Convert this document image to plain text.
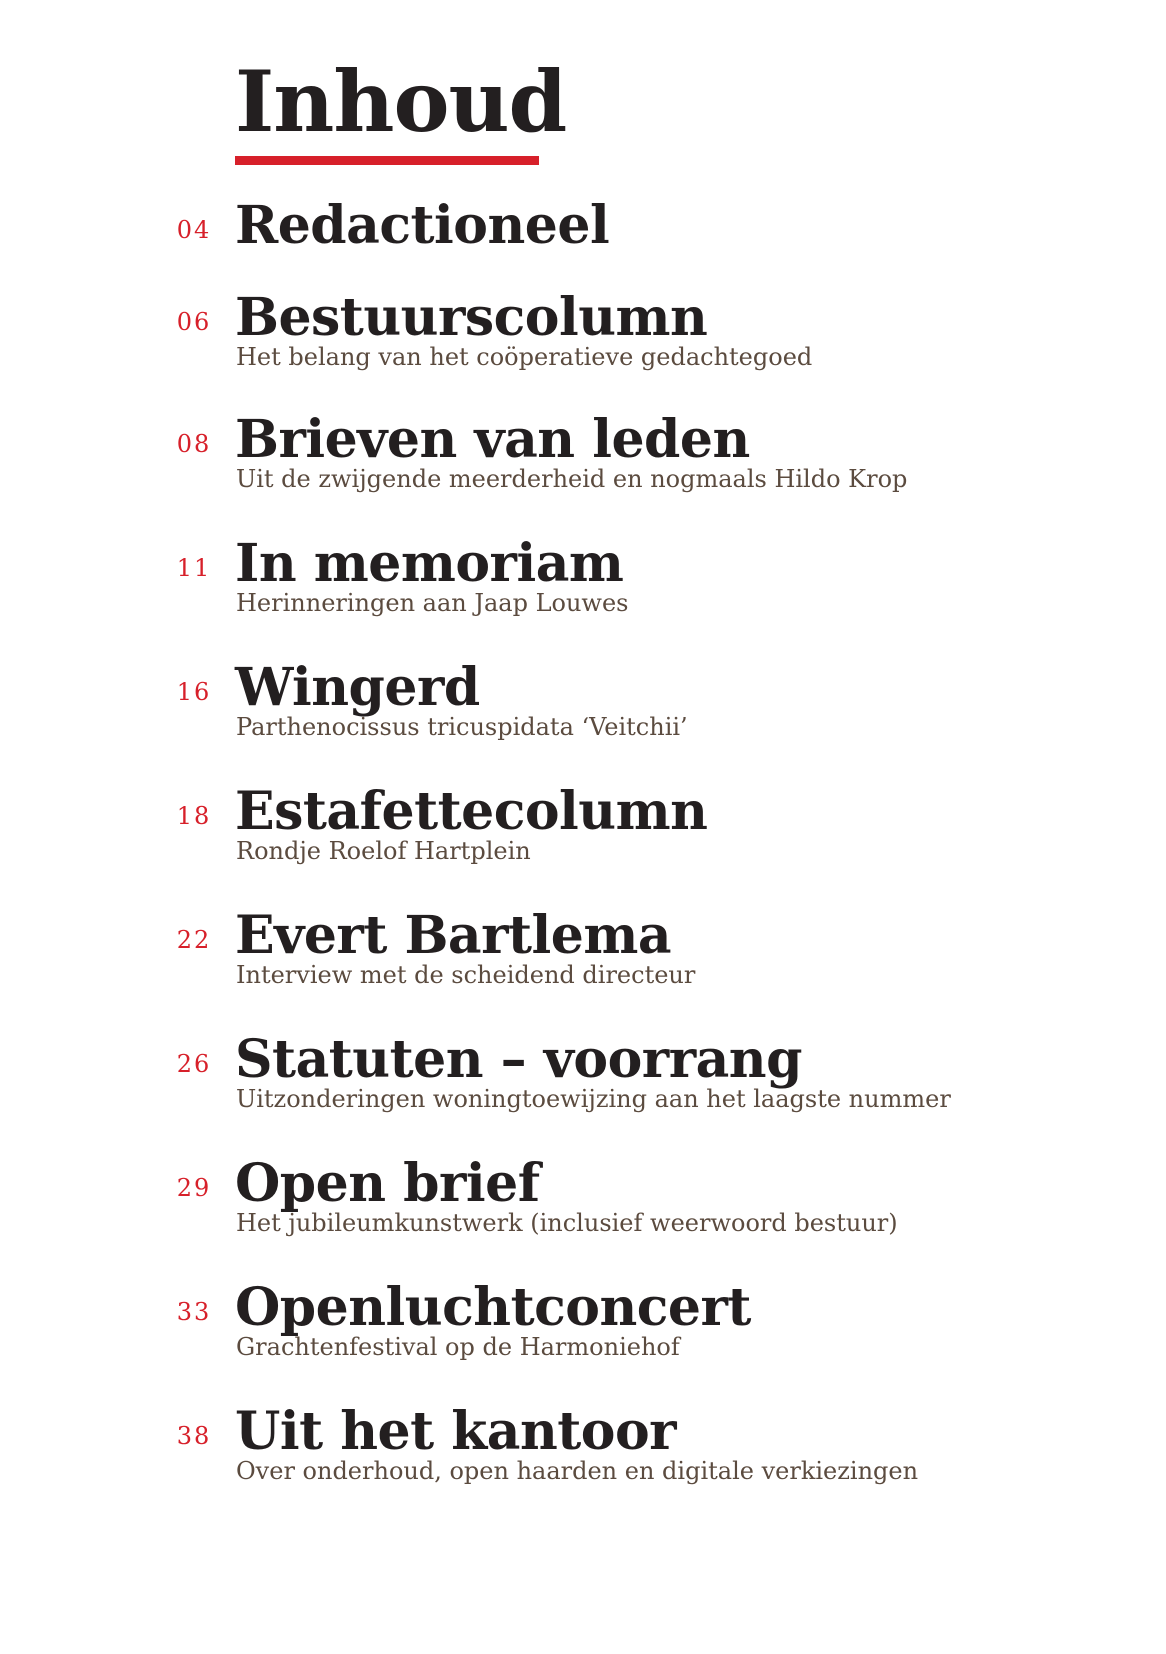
Inhoud
04 Redactioneel
06 Bestuurscolumn

Het belang van het coöperatieve gedachtegoed

08 Brieven van leden

Uit de zwijgende meerderheid en nogmaals Hildo Krop

11 In memoriam

Herinneringen aan Jaap Louwes

16 Wingerd

Parthenocissus tricuspidata ‘Veitchii’

18 Estafettecolumn

Rondje Roelof Hartplein

22 Evert Bartlema

Interview met de scheidend directeur

26 Statuten – voorrang

Uitzonderingen woningtoewijzing aan het laagste nummer

29 Open brief

Het jubileumkunstwerk (inclusief weerwoord bestuur)

33 Openluchtconcert

Grachtenfestival op de Harmoniehof

38 Uit het kantoor

Over onderhoud, open haarden en digitale verkiezingen
